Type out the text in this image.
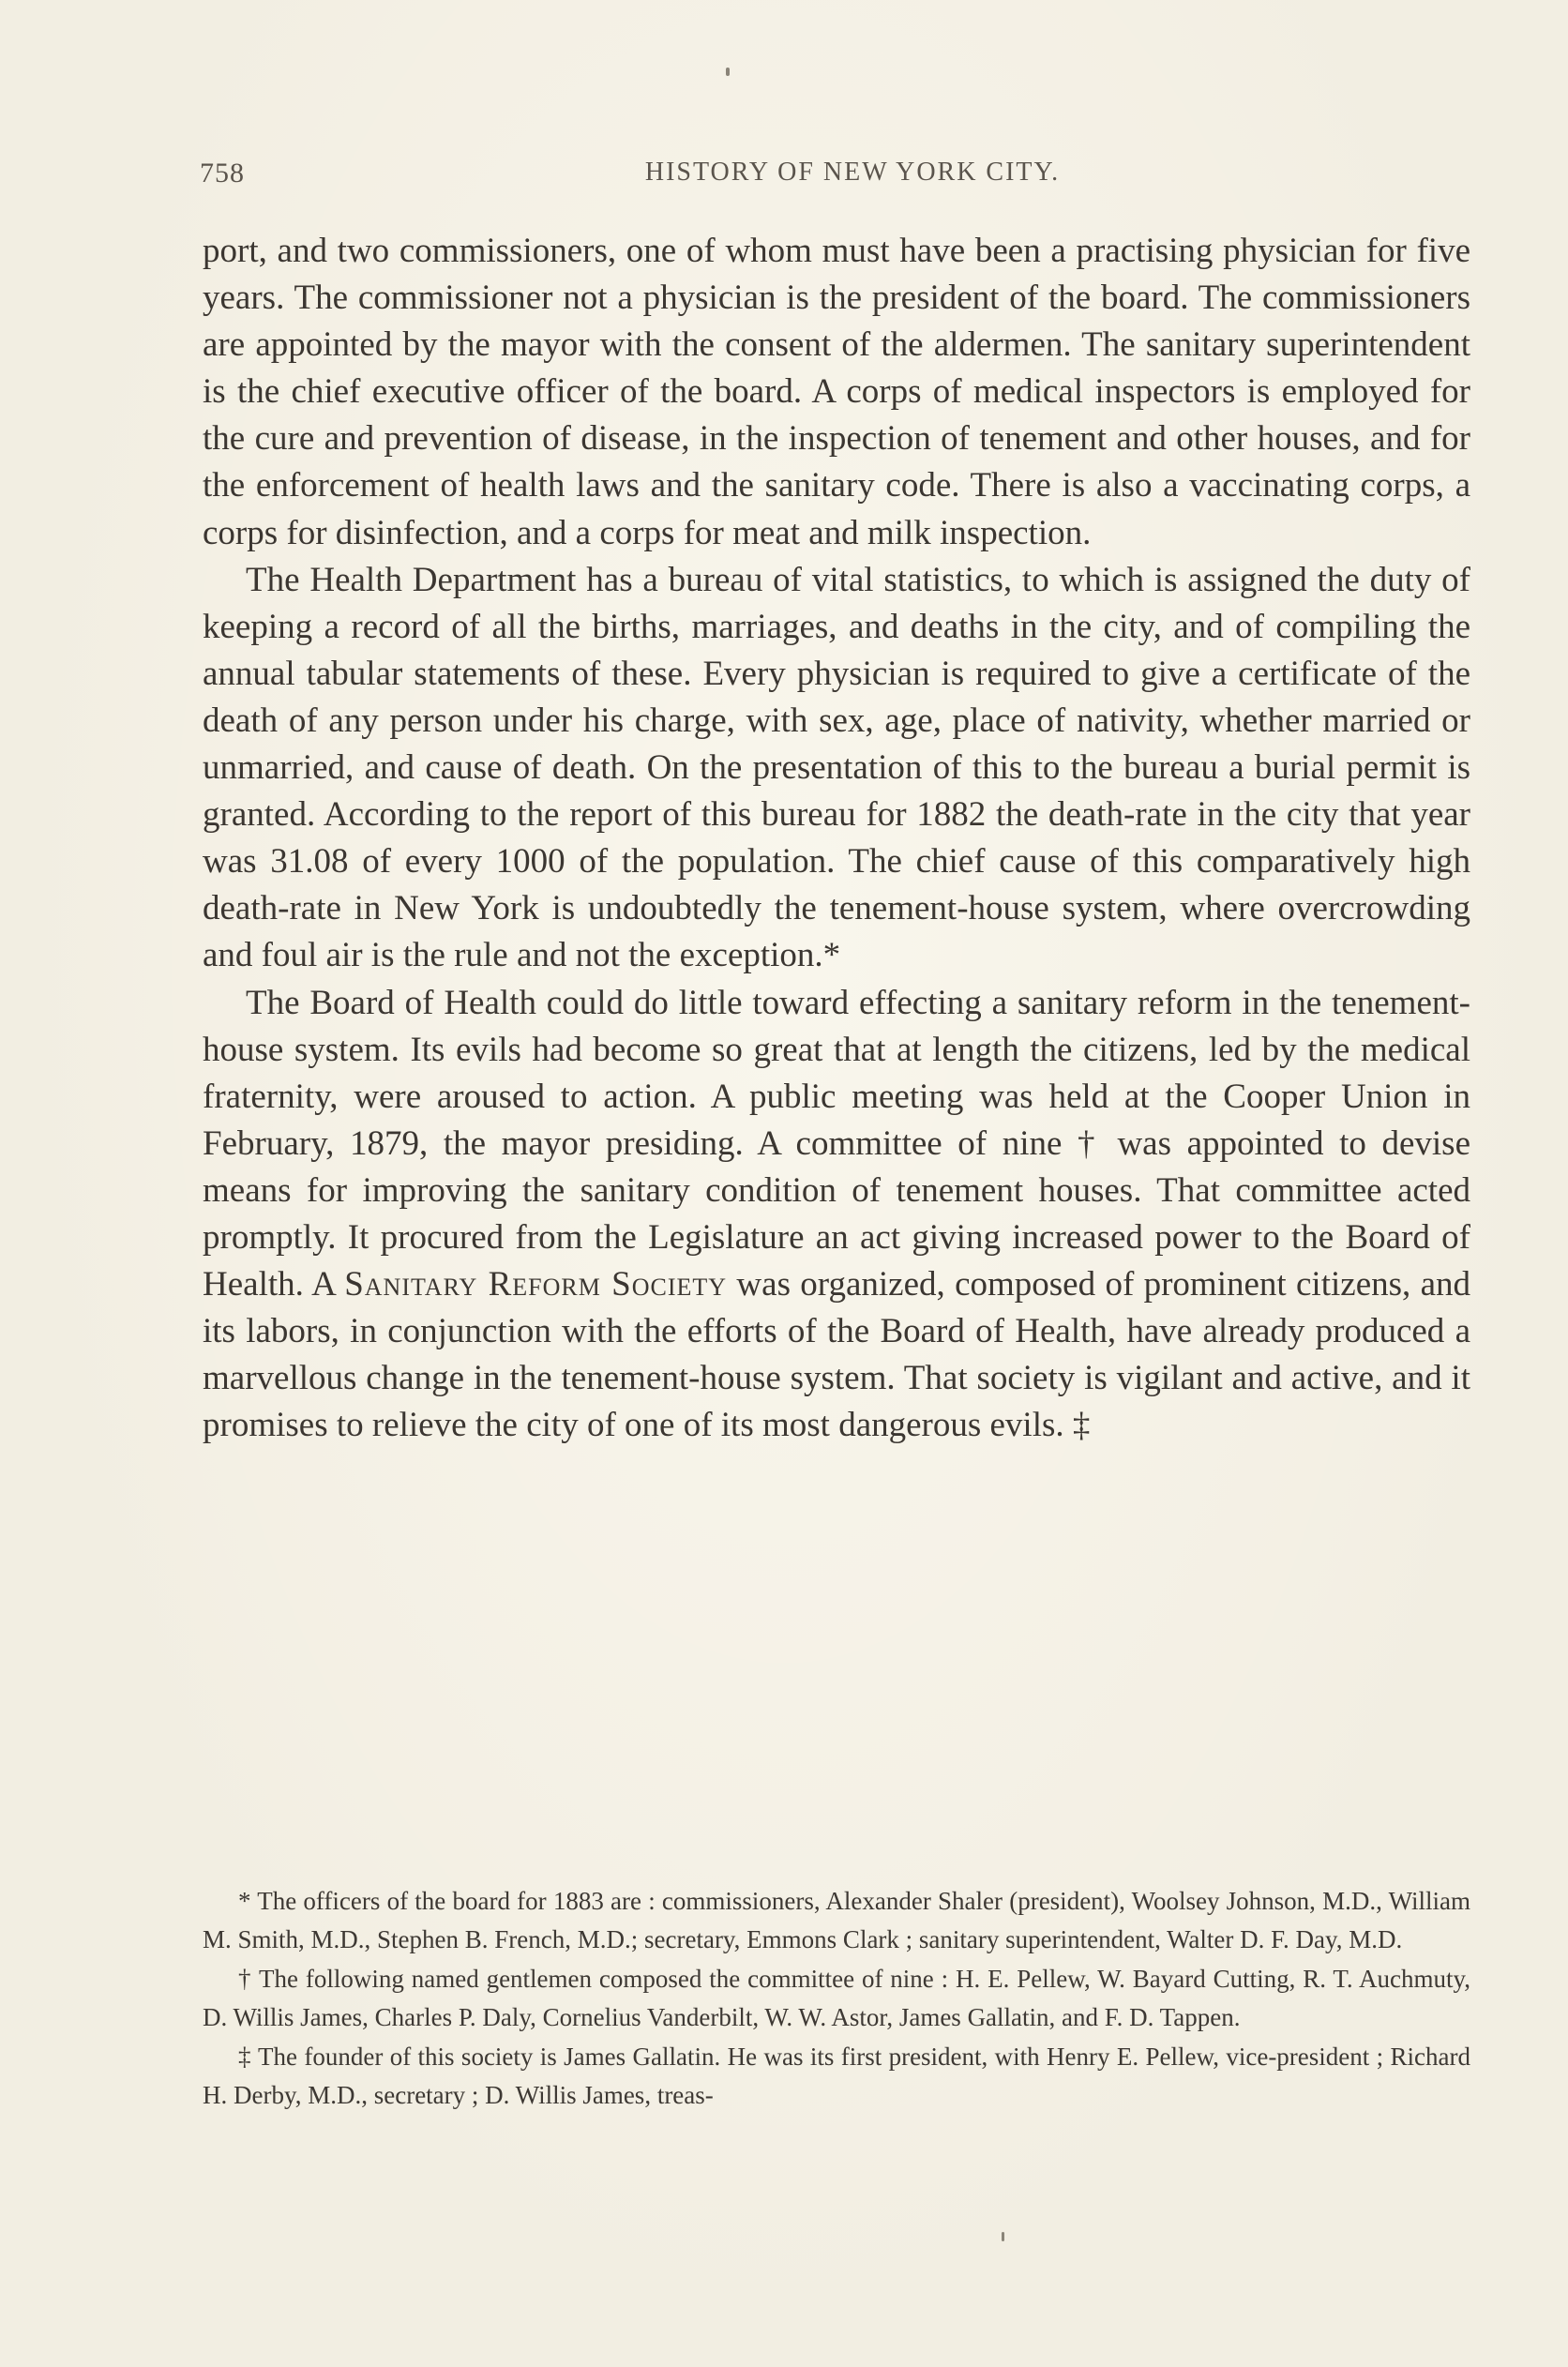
758	HISTORY OF NEW YORK CITY.

port, and two commissioners, one of whom must have been a practising physician for five years. The commissioner not a physician is the president of the board. The commissioners are appointed by the mayor with the consent of the aldermen. The sanitary superintendent is the chief executive officer of the board. A corps of medical inspectors is employed for the cure and prevention of disease, in the inspection of tenement and other houses, and for the enforcement of health laws and the sanitary code. There is also a vaccinating corps, a corps for disinfection, and a corps for meat and milk inspection.

The Health Department has a bureau of vital statistics, to which is assigned the duty of keeping a record of all the births, marriages, and deaths in the city, and of compiling the annual tabular statements of these. Every physician is required to give a certificate of the death of any person under his charge, with sex, age, place of nativity, whether married or unmarried, and cause of death. On the presentation of this to the bureau a burial permit is granted. According to the report of this bureau for 1882 the death-rate in the city that year was 31.08 of every 1000 of the population. The chief cause of this comparatively high death-rate in New York is undoubtedly the tenement-house system, where overcrowding and foul air is the rule and not the exception.*

The Board of Health could do little toward effecting a sanitary reform in the tenement-house system. Its evils had become so great that at length the citizens, led by the medical fraternity, were aroused to action. A public meeting was held at the Cooper Union in February, 1879, the mayor presiding. A committee of nine † was appointed to devise means for improving the sanitary condition of tenement houses. That committee acted promptly. It procured from the Legislature an act giving increased power to the Board of Health. A Sanitary Reform Society was organized, composed of prominent citizens, and its labors, in conjunction with the efforts of the Board of Health, have already produced a marvellous change in the tenement-house system. That society is vigilant and active, and it promises to relieve the city of one of its most dangerous evils. ‡

* The officers of the board for 1883 are : commissioners, Alexander Shaler (president), Woolsey Johnson, M.D., William M. Smith, M.D., Stephen B. French, M.D.; secretary, Emmons Clark ; sanitary superintendent, Walter D. F. Day, M.D.

† The following named gentlemen composed the committee of nine : H. E. Pellew, W. Bayard Cutting, R. T. Auchmuty, D. Willis James, Charles P. Daly, Cornelius Vanderbilt, W. W. Astor, James Gallatin, and F. D. Tappen.

‡ The founder of this society is James Gallatin. He was its first president, with Henry E. Pellew, vice-president ; Richard H. Derby, M.D., secretary ; D. Willis James, treas-
